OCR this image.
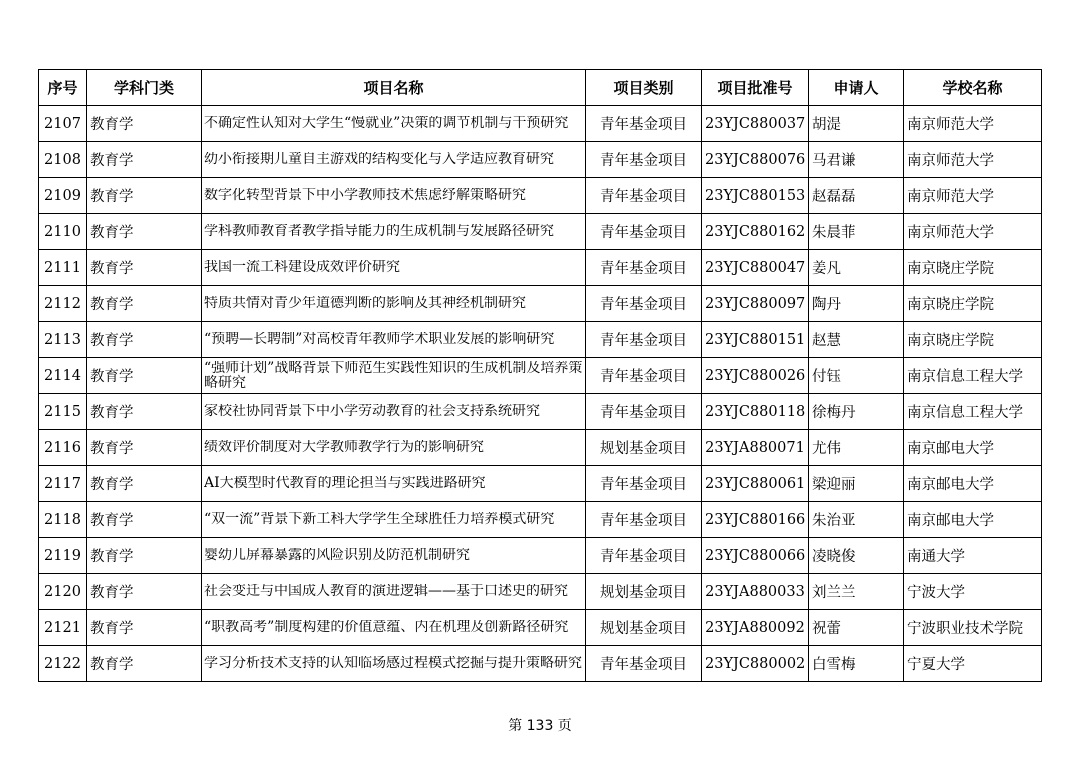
序号	学科门类	项目名称	项目类别	项目批准号	申请人	学校名称
2107	教育学	不确定性认知对大学生“慢就业”决策的调节机制与干预研究	青年基金项目	23YJC880037	胡湜	南京师范大学
2108	教育学	幼小衔接期儿童自主游戏的结构变化与入学适应教育研究	青年基金项目	23YJC880076	马君谦	南京师范大学
2109	教育学	数字化转型背景下中小学教师技术焦虑纾解策略研究	青年基金项目	23YJC880153	赵磊磊	南京师范大学
2110	教育学	学科教师教育者教学指导能力的生成机制与发展路径研究	青年基金项目	23YJC880162	朱晨菲	南京师范大学
2111	教育学	我国一流工科建设成效评价研究	青年基金项目	23YJC880047	姜凡	南京晓庄学院
2112	教育学	特质共情对青少年道德判断的影响及其神经机制研究	青年基金项目	23YJC880097	陶丹	南京晓庄学院
2113	教育学	“预聘—长聘制”对高校青年教师学术职业发展的影响研究	青年基金项目	23YJC880151	赵慧	南京晓庄学院
2114	教育学	“强师计划”战略背景下师范生实践性知识的生成机制及培养策略研究	青年基金项目	23YJC880026	付钰	南京信息工程大学
2115	教育学	家校社协同背景下中小学劳动教育的社会支持系统研究	青年基金项目	23YJC880118	徐梅丹	南京信息工程大学
2116	教育学	绩效评价制度对大学教师教学行为的影响研究	规划基金项目	23YJA880071	尤伟	南京邮电大学
2117	教育学	AI大模型时代教育的理论担当与实践进路研究	青年基金项目	23YJC880061	梁迎丽	南京邮电大学
2118	教育学	“双一流”背景下新工科大学学生全球胜任力培养模式研究	青年基金项目	23YJC880166	朱治亚	南京邮电大学
2119	教育学	婴幼儿屏幕暴露的风险识别及防范机制研究	青年基金项目	23YJC880066	凌晓俊	南通大学
2120	教育学	社会变迁与中国成人教育的演进逻辑——基于口述史的研究	规划基金项目	23YJA880033	刘兰兰	宁波大学
2121	教育学	“职教高考”制度构建的价值意蕴、内在机理及创新路径研究	规划基金项目	23YJA880092	祝蕾	宁波职业技术学院
2122	教育学	学习分析技术支持的认知临场感过程模式挖掘与提升策略研究	青年基金项目	23YJC880002	白雪梅	宁夏大学
第 133 页
